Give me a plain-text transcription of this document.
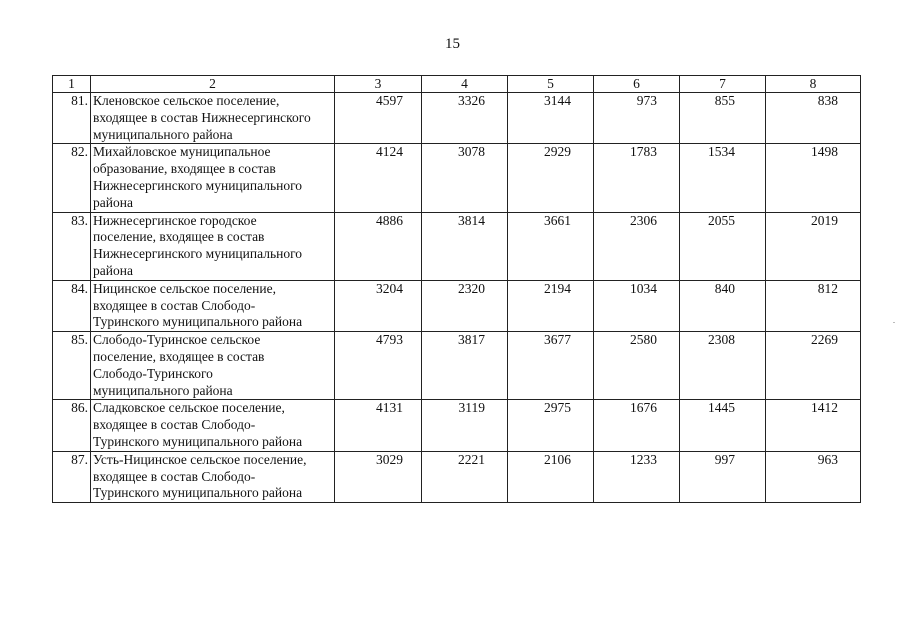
15
1	2	3	4	5	6	7	8
81.	Кленовское сельское поселение,
входящее в состав Нижнесергинского
муниципального района	4597	3326	3144	973	855	838
82.	Михайловское муниципальное
образование, входящее в состав
Нижнесергинского муниципального
района	4124	3078	2929	1783	1534	1498
83.	Нижнесергинское городское
поселение, входящее в состав
Нижнесергинского муниципального
района	4886	3814	3661	2306	2055	2019
84.	Ницинское сельское поселение,
входящее в состав Слободо-
Туринского муниципального района	3204	2320	2194	1034	840	812
85.	Слободо-Туринское сельское
поселение, входящее в состав
Слободо-Туринского
муниципального района	4793	3817	3677	2580	2308	2269
86.	Сладковское сельское поселение,
входящее в состав Слободо-
Туринского муниципального района	4131	3119	2975	1676	1445	1412
87.	Усть-Ницинское сельское поселение,
входящее в состав Слободо-
Туринского муниципального района	3029	2221	2106	1233	997	963
